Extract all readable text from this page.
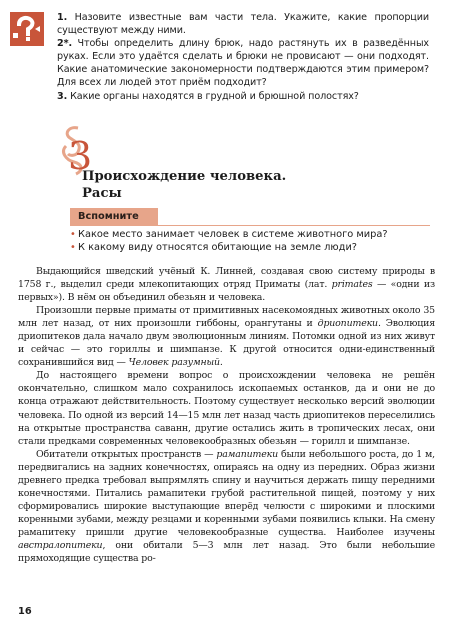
1. Назовите известные вам части тела. Укажите, какие пропорции существуют между ними.

2*. Чтобы определить длину брюк, надо растянуть их в разведённых руках. Если это удаётся сделать и брюки не провисают — они подходят. Какие анатомические закономерности подтверждаются этим примером? Для всех ли людей этот приём подходит?

3. Какие органы находятся в грудной и брюшной полостях?

3
Происхождение человека.
Расы
Вспомните
• Какое место занимает человек в системе животного мира?
• К какому виду относятся обитающие на земле люди?

Выдающийся шведский учёный К. Линней, создавая свою систему природы в 1758 г., выделил среди млекопитающих отряд Приматы (лат. primates — «одни из первых»). В нём он объединил обезьян и человека.

Произошли первые приматы от примитивных насекомоядных животных около 35 млн лет назад, от них произошли гиббоны, орангутаны и дриопитеки. Эволюция дриопитеков дала начало двум эволюционным линиям. Потомки одной из них живут и сейчас — это гориллы и шимпанзе. К другой относится одни-единственный сохранившийся вид — Человек разумный.

До настоящего времени вопрос о происхождении человека не решён окончательно, слишком мало сохранилось ископаемых останков, да и они не до конца отражают действительность. Поэтому существует несколько версий эволюции человека. По одной из версий 14—15 млн лет назад часть дриопитеков переселились на открытые пространства саванн, другие остались жить в тропических лесах, они стали предками современных человекообразных обезьян — горилл и шимпанзе.

Обитатели открытых пространств — рамапитеки были небольшого роста, до 1 м, передвигались на задних конечностях, опираясь на одну из передних. Образ жизни древнего предка требовал выпрямлять спину и научиться держать пищу передними конечностями. Питались рамапитеки грубой растительной пищей, поэтому у них сформировались широкие выступающие вперёд челюсти с широкими и плоскими коренными зубами, между резцами и коренными зубами появились клыки. На смену рамапитеку пришли другие человекообразные существа. Наиболее изучены австралопитеки, они обитали 5—3 млн лет назад. Это были небольшие прямоходящие существа ро-

16
